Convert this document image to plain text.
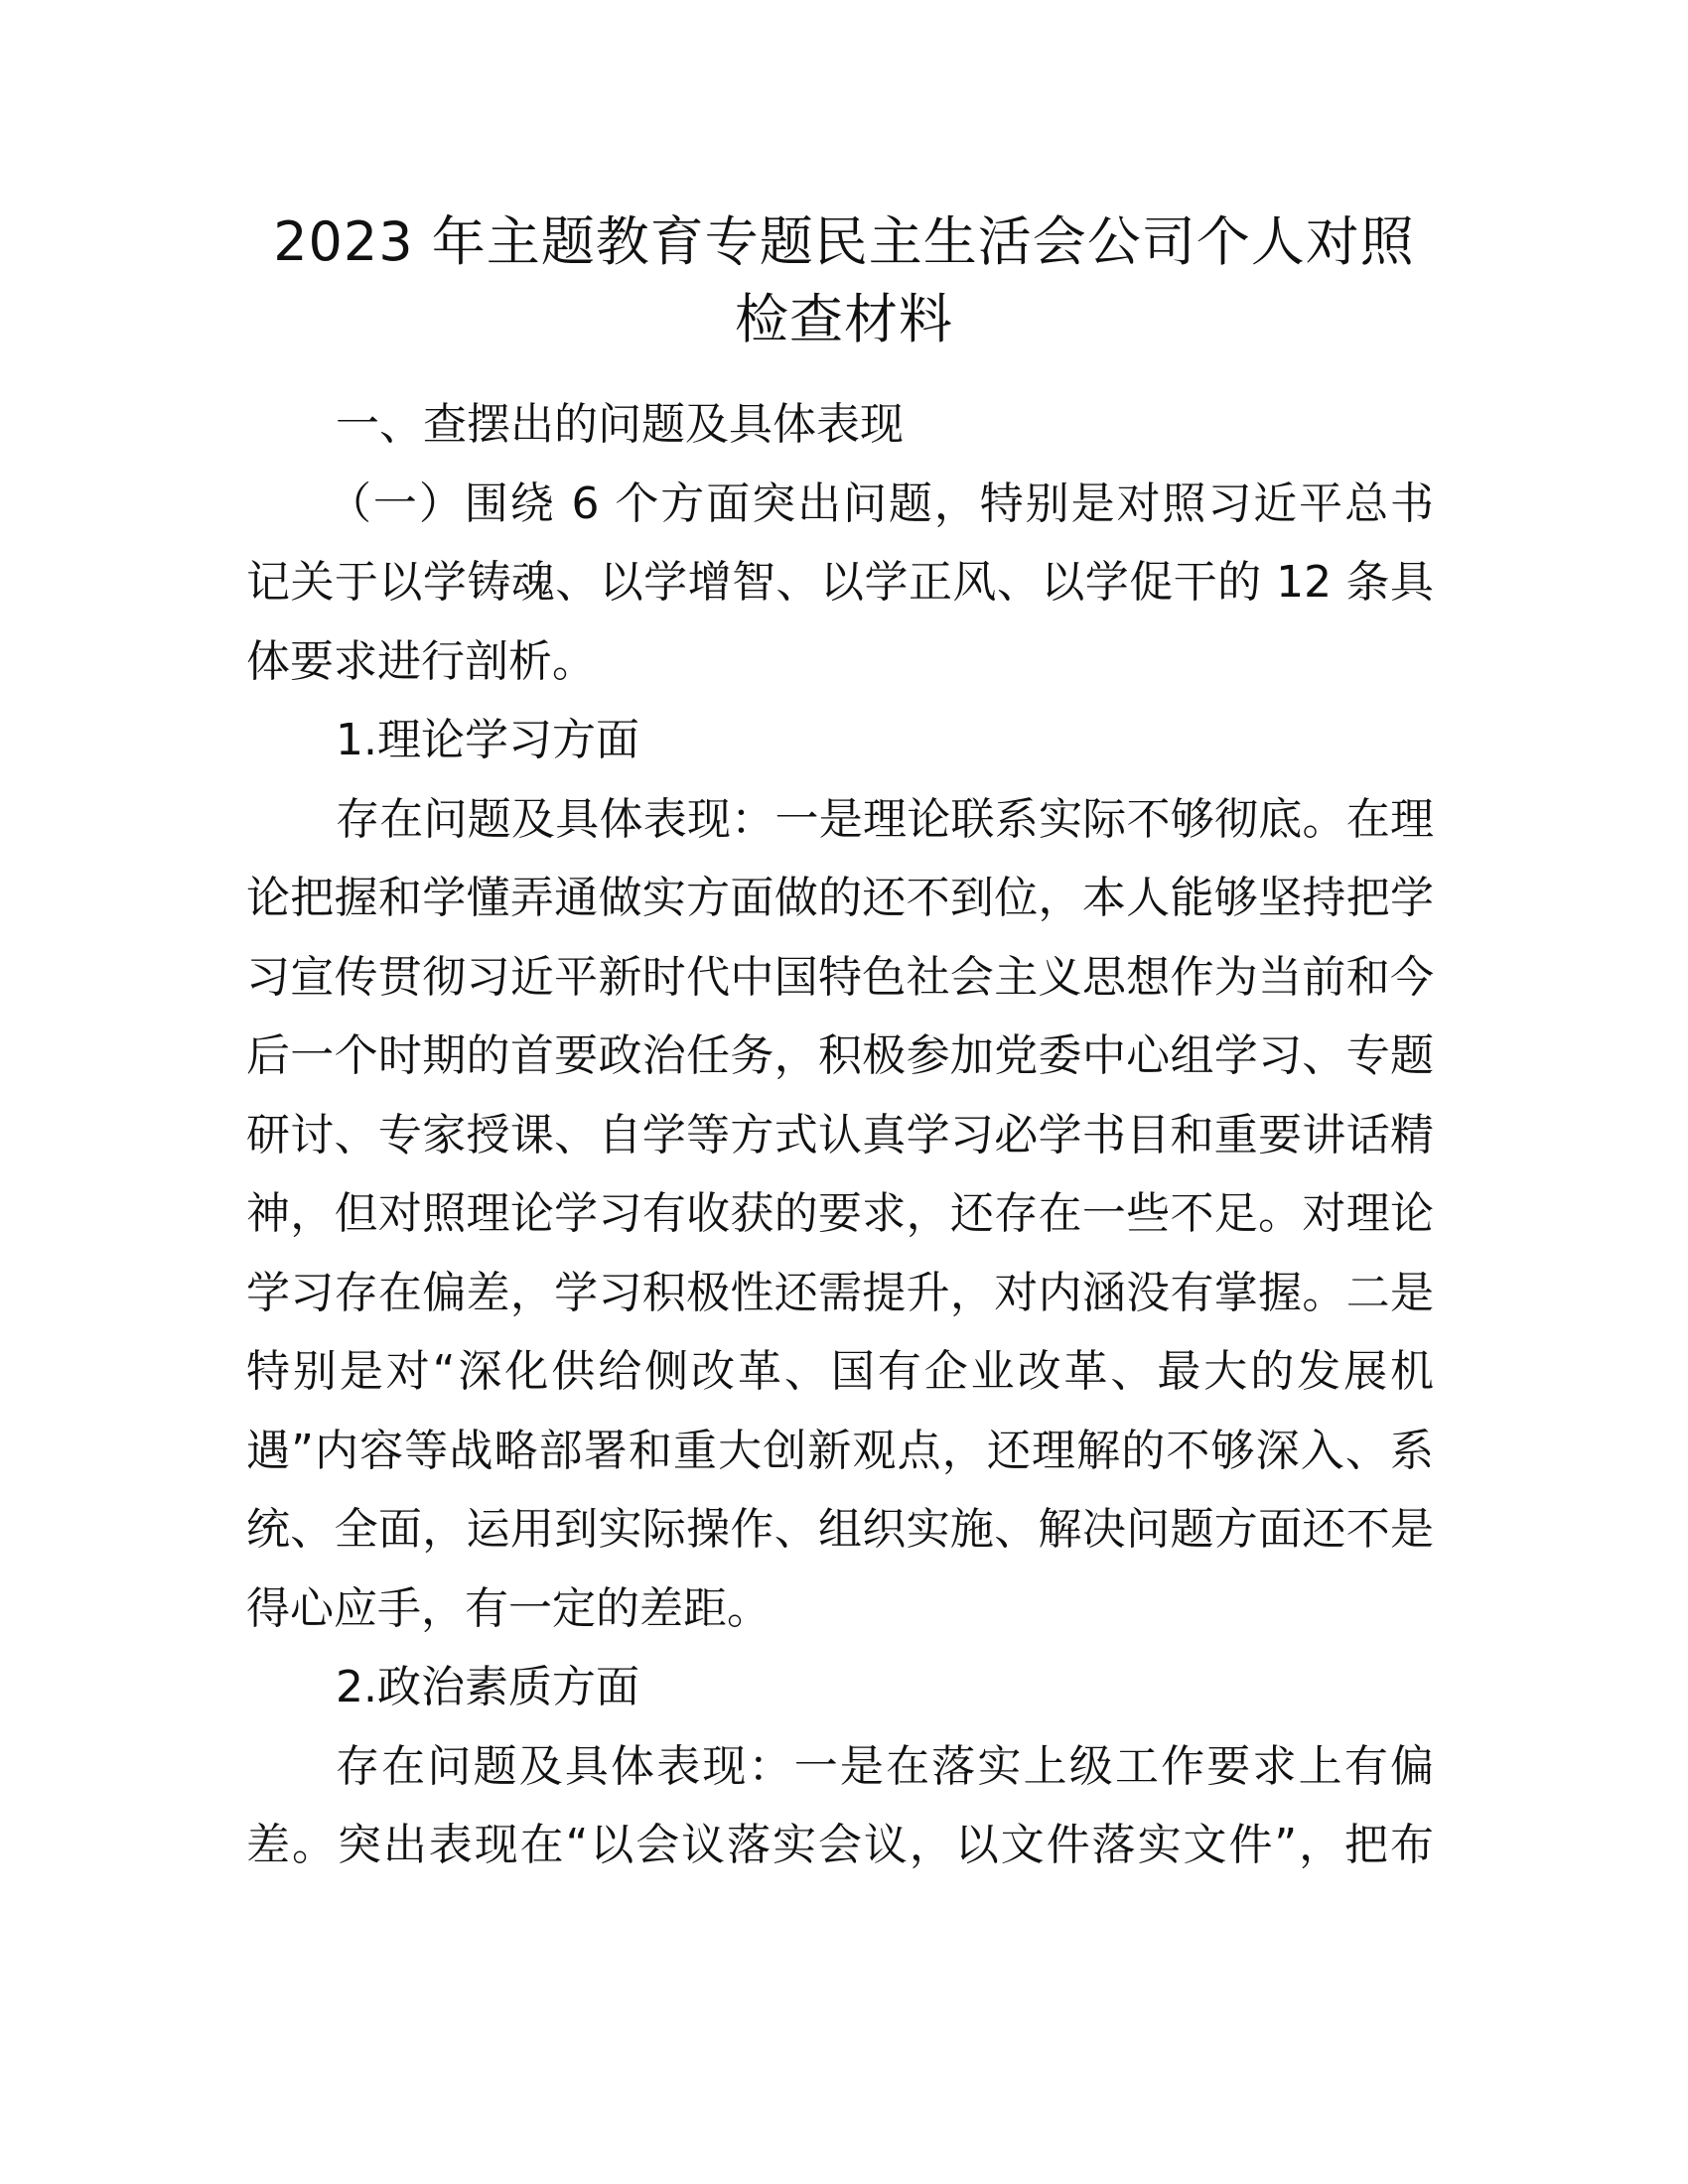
2023 年主题教育专题民主生活会公司个人对照
检查材料

一、查摆出的问题及具体表现

（一）围绕 6 个方面突出问题，特别是对照习近平总书
记关于以学铸魂、以学增智、以学正风、以学促干的 12 条具
体要求进行剖析。

1.理论学习方面

存在问题及具体表现：一是理论联系实际不够彻底。在理
论把握和学懂弄通做实方面做的还不到位，本人能够坚持把学
习宣传贯彻习近平新时代中国特色社会主义思想作为当前和今
后一个时期的首要政治任务，积极参加党委中心组学习、专题
研讨、专家授课、自学等方式认真学习必学书目和重要讲话精
神，但对照理论学习有收获的要求，还存在一些不足。对理论
学习存在偏差，学习积极性还需提升，对内涵没有掌握。二是
特别是对“深化供给侧改革、国有企业改革、最大的发展机
遇”内容等战略部署和重大创新观点，还理解的不够深入、系
统、全面，运用到实际操作、组织实施、解决问题方面还不是
得心应手，有一定的差距。

2.政治素质方面

存在问题及具体表现：一是在落实上级工作要求上有偏
差。突出表现在“以会议落实会议，以文件落实文件”，把布
